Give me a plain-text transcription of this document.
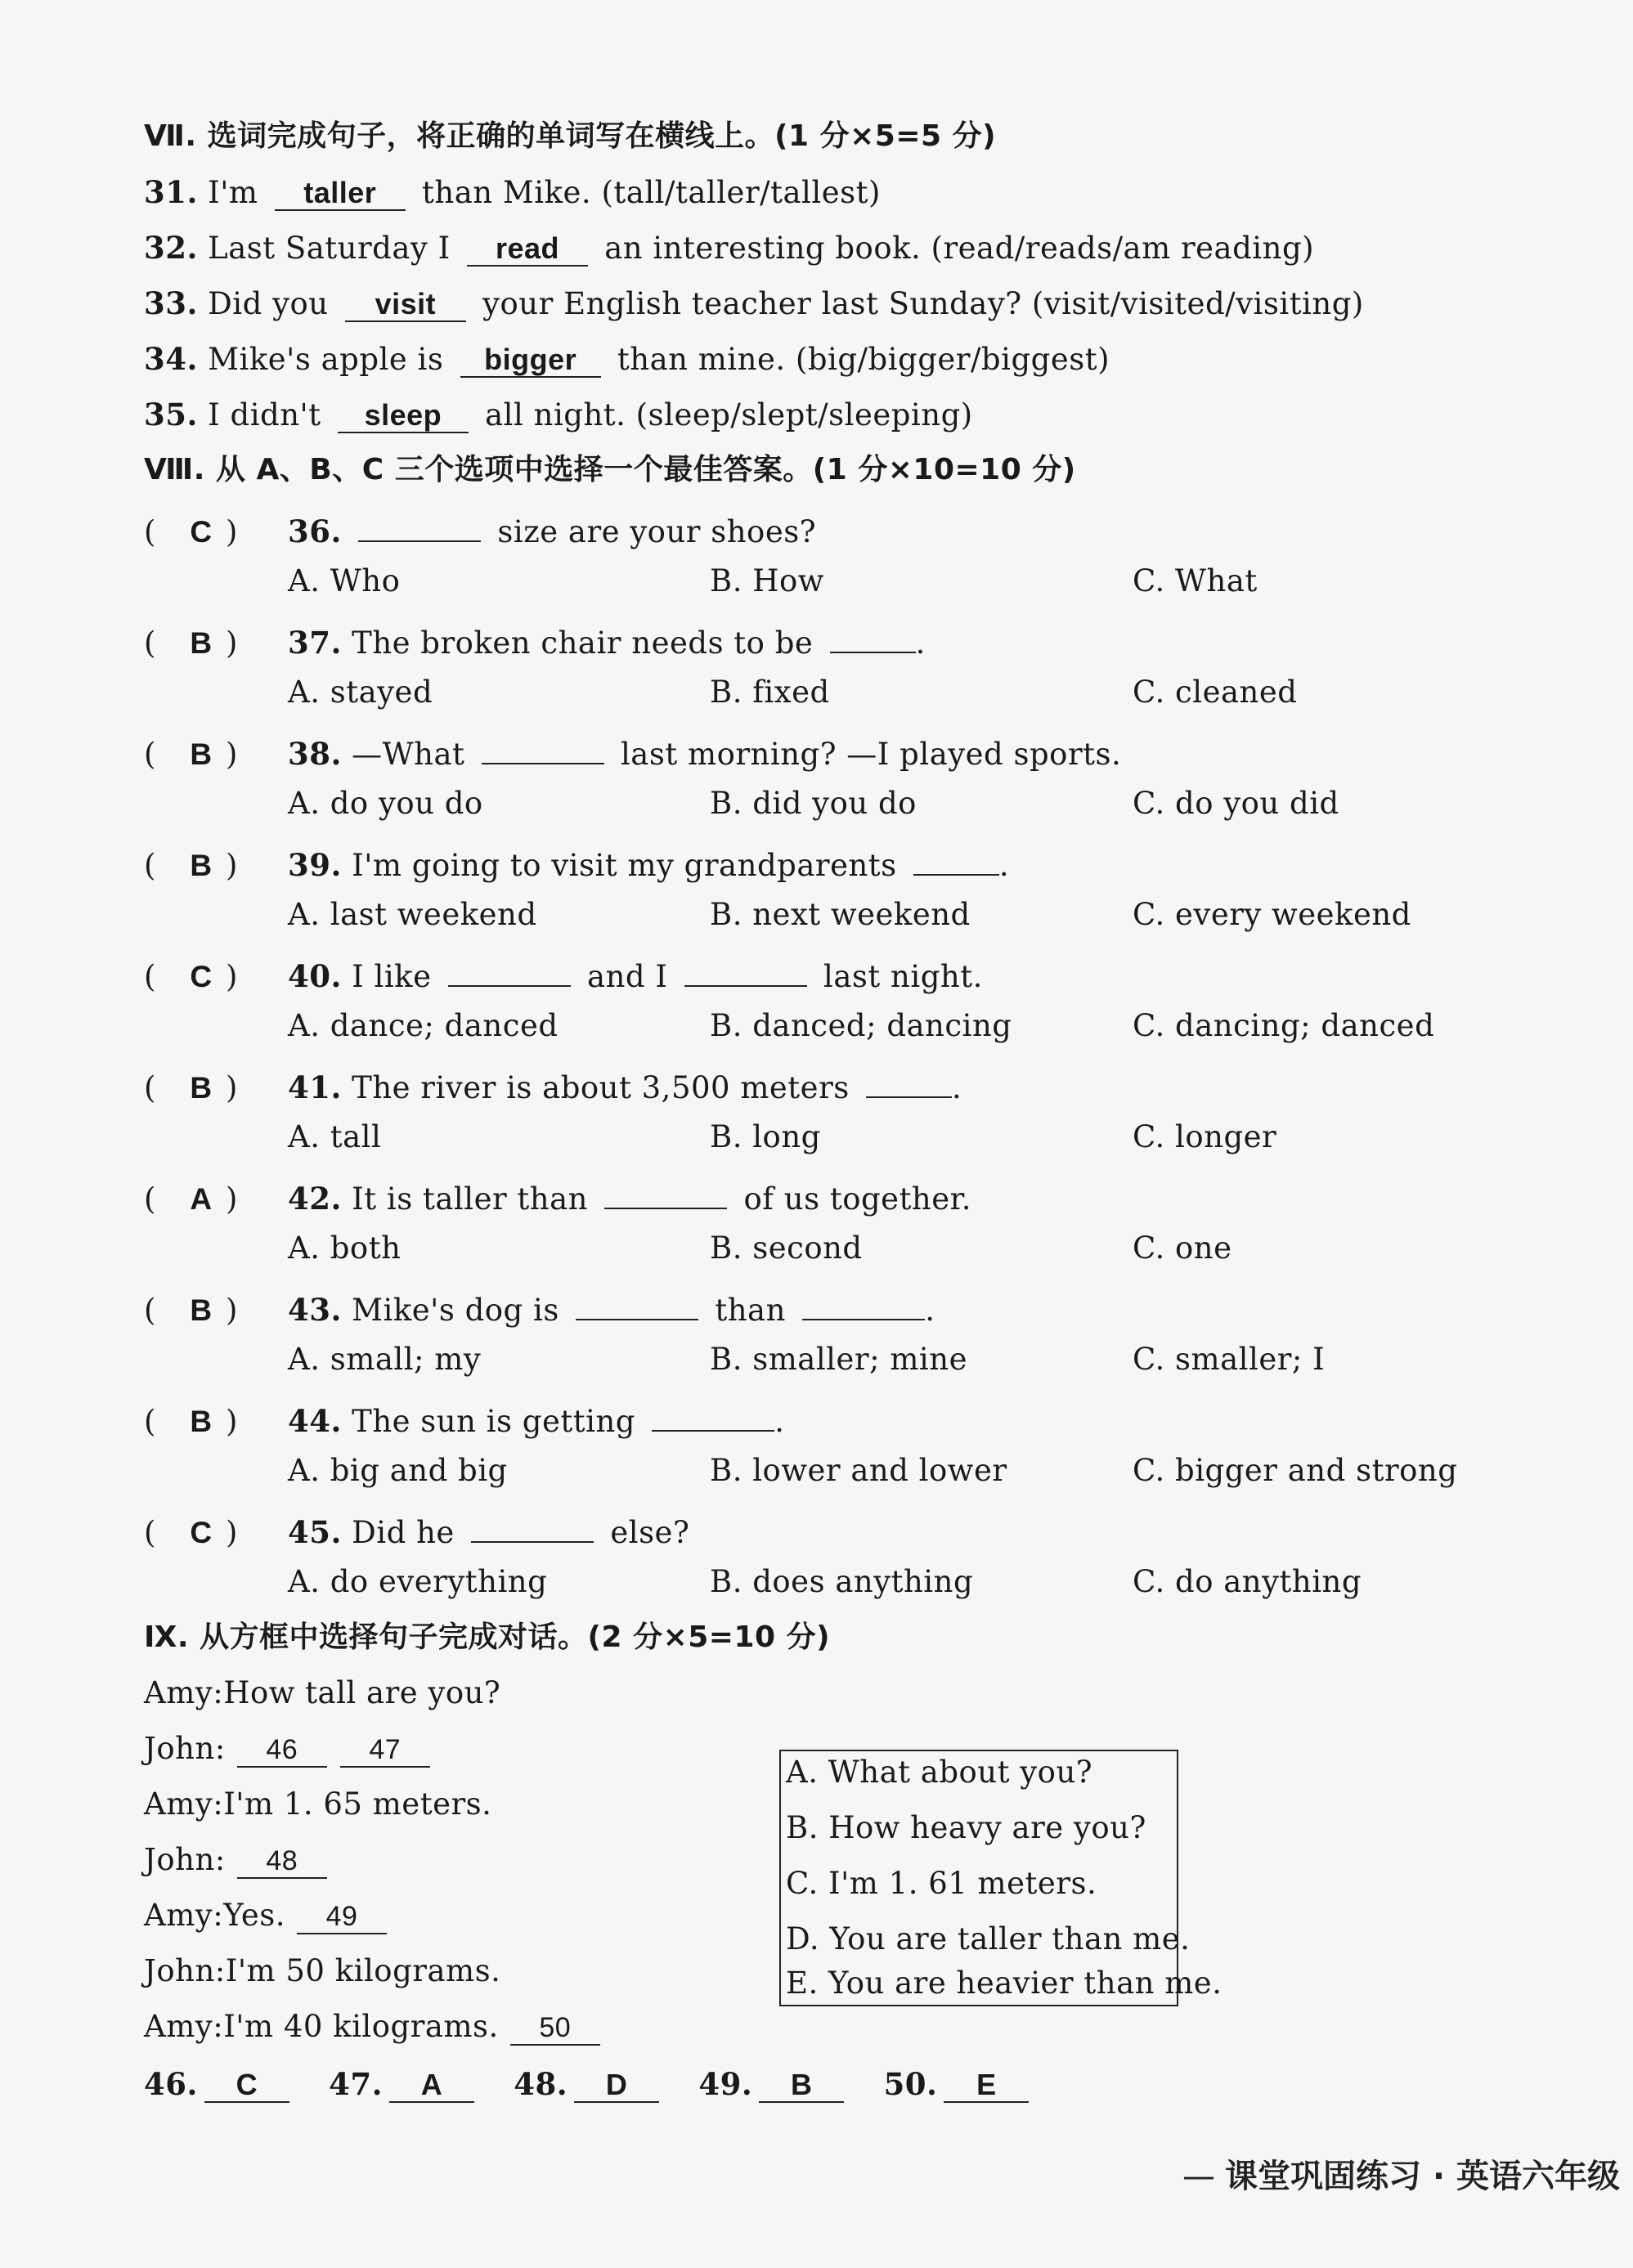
Ⅶ. 选词完成句子，将正确的单词写在横线上。(1 分×5=5 分)
31. I'm taller than Mike. (tall/taller/tallest)
32. Last Saturday I read an interesting book. (read/reads/am reading)
33. Did you visit your English teacher last Sunday? (visit/visited/visiting)
34. Mike's apple is bigger than mine. (big/bigger/biggest)
35. I didn't sleep all night. (sleep/slept/sleeping)
Ⅷ. 从 A、B、C 三个选项中选择一个最佳答案。(1 分×10=10 分)
( C ) 36.	size are your shoes?
A. Who	B. How	C. What
( B ) 37. The broken chair needs to be	.
A. stayed	B. fixed	C. cleaned
( B ) 38. —What	last morning? —I played sports.
A. do you do	B. did you do	C. do you did
( B ) 39. I'm going to visit my grandparents	.
A. last weekend	B. next weekend	C. every weekend
( C ) 40. I like	and I	last night.
A. dance; danced	B. danced; dancing	C. dancing; danced
( B ) 41. The river is about 3,500 meters	.
A. tall	B. long	C. longer
( A ) 42. It is taller than	of us together.
A. both	B. second	C. one
( B ) 43. Mike's dog is	than	.
A. small; my	B. smaller; mine	C. smaller; I
( B ) 44. The sun is getting	.
A. big and big	B. lower and lower	C. bigger and strong
( C ) 45. Did he	else?
A. do everything	B. does anything	C. do anything
Ⅸ. 从方框中选择句子完成对话。(2 分×5=10 分)
Amy:How tall are you?
John: 46	47
Amy:I'm 1. 65 meters.
John: 48
Amy:Yes. 49
John:I'm 50 kilograms.
Amy:I'm 40 kilograms. 50
A. What about you?
B. How heavy are you?
C. I'm 1. 61 meters.
D. You are taller than me.
E. You are heavier than me.
46. C 47. A 48. D 49. B 50. E
— 课堂巩固练习 · 英语六年级
